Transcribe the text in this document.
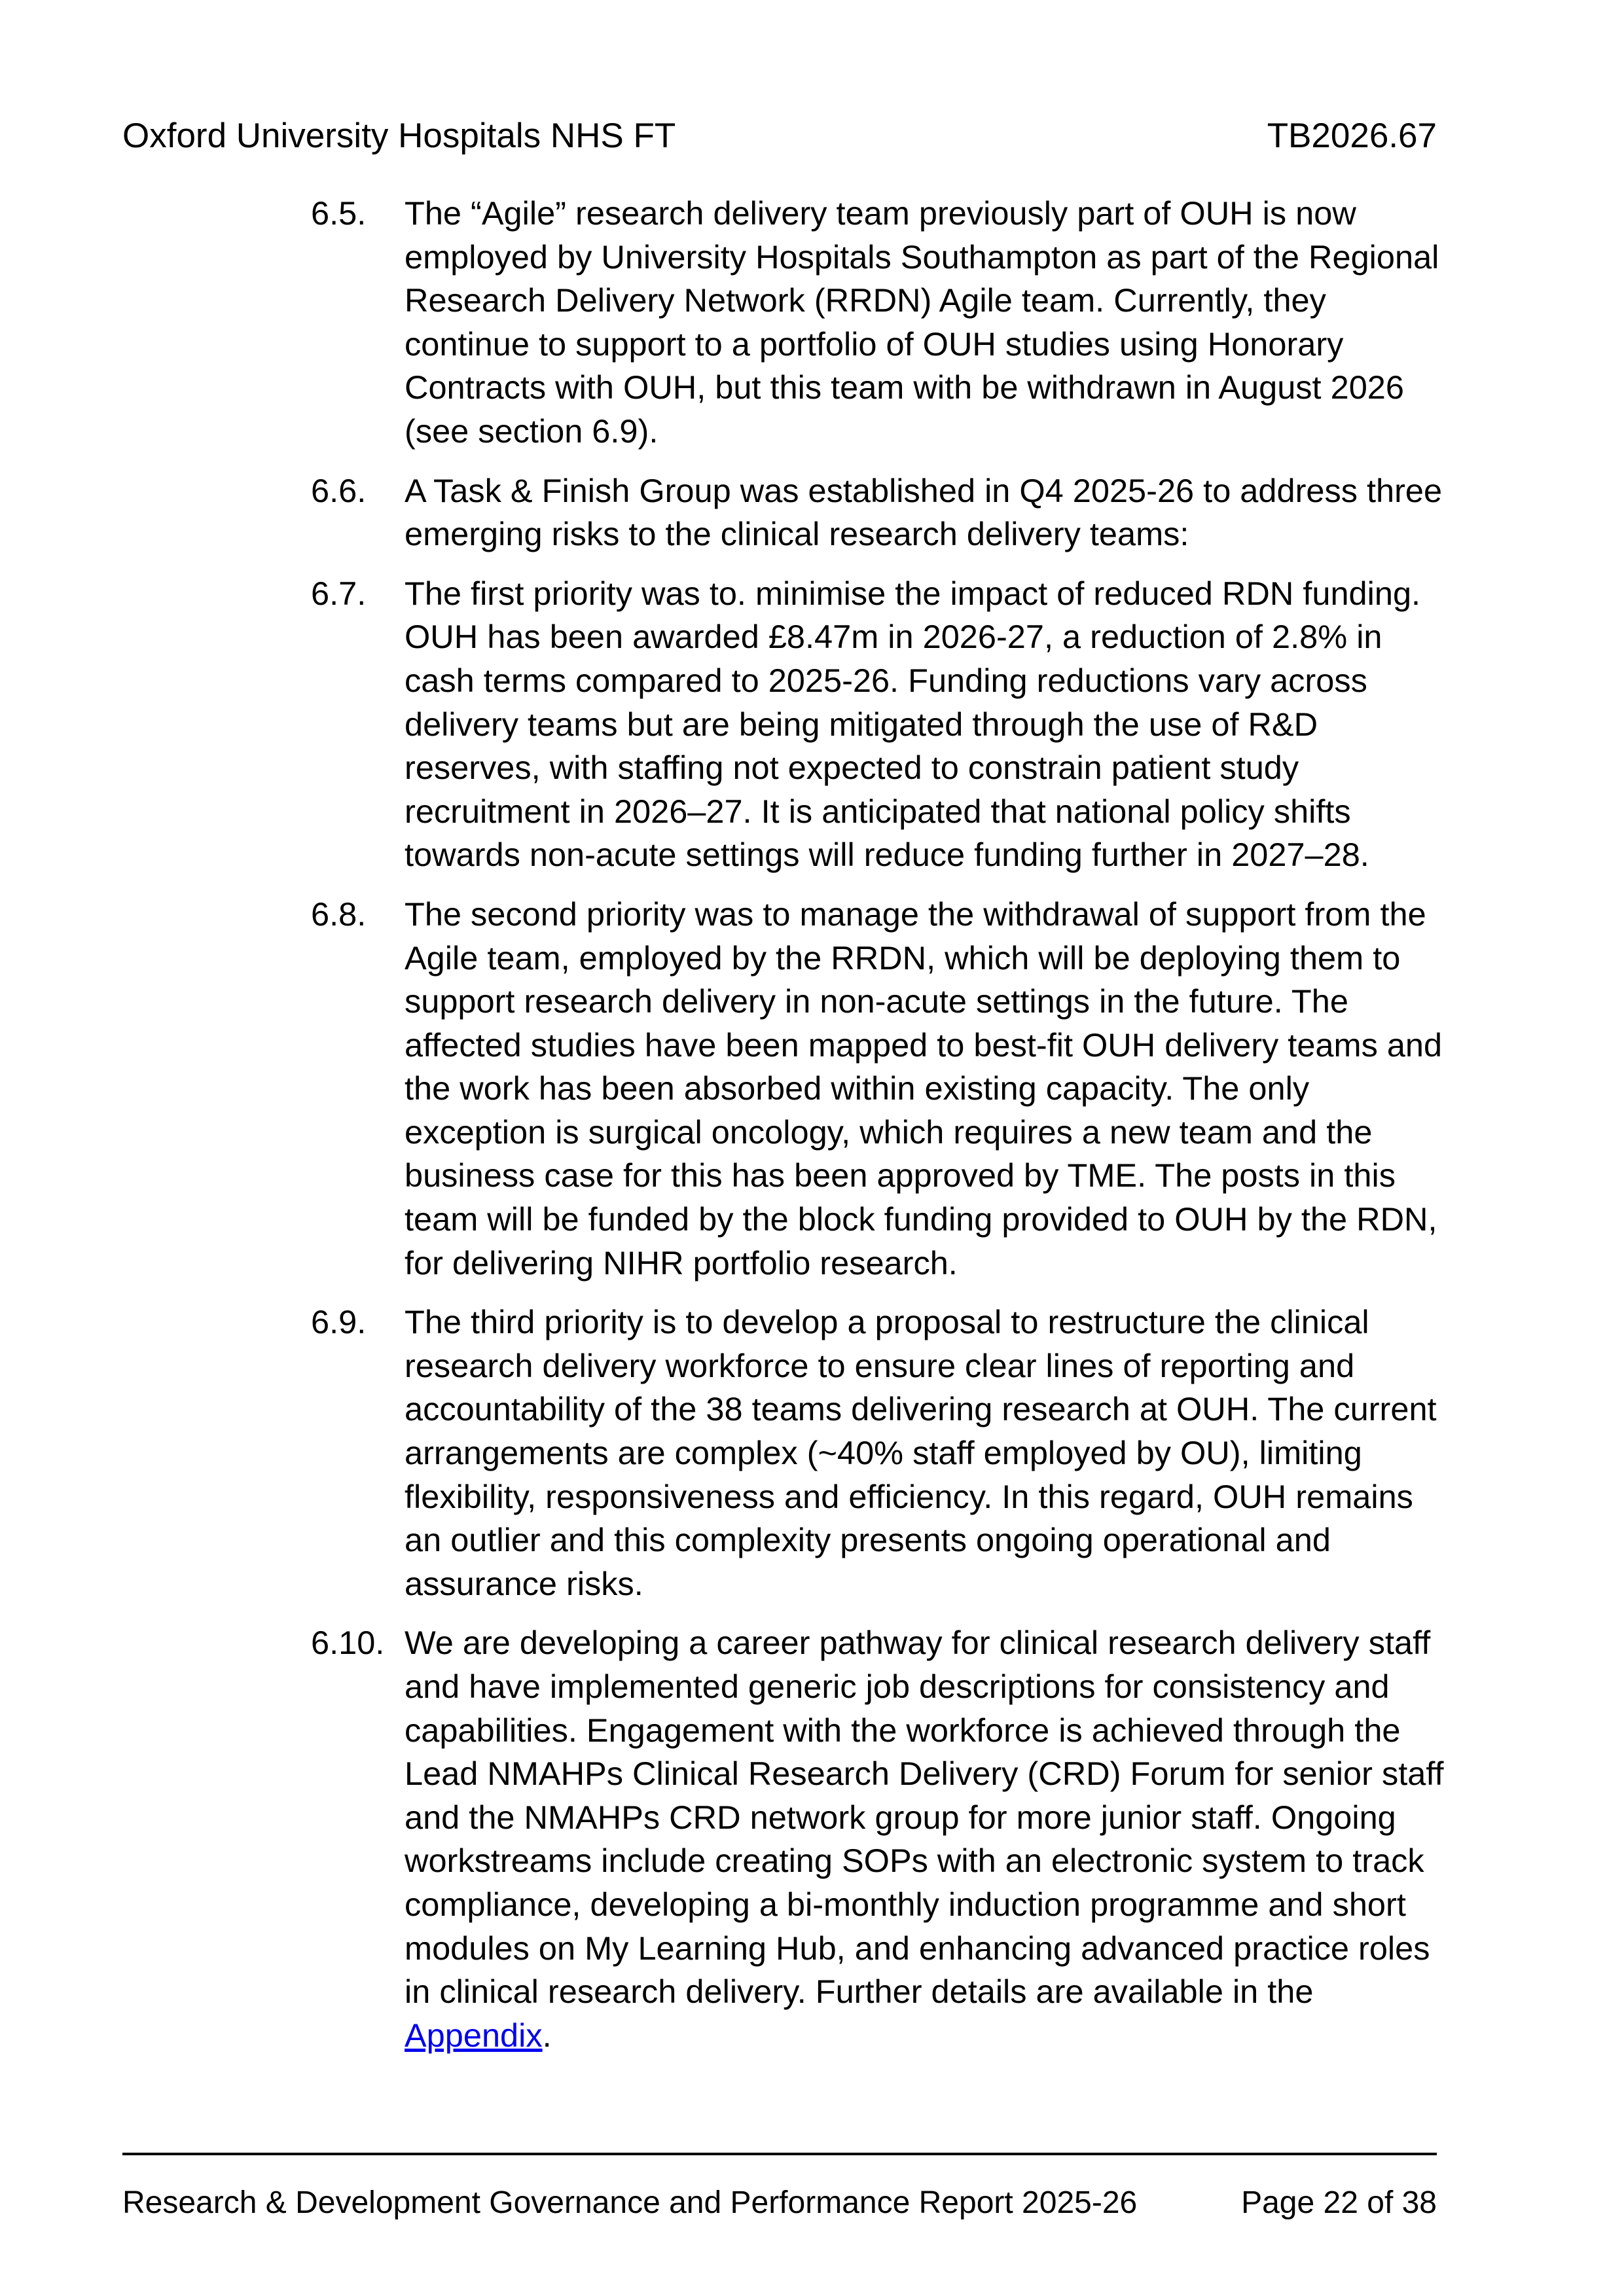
Oxford University Hospitals NHS FT	TB2026.67
6.5.	The “Agile” research delivery team previously part of OUH is now employed by University Hospitals Southampton as part of the Regional Research Delivery Network (RRDN) Agile team. Currently, they continue to support to a portfolio of OUH studies using Honorary Contracts with OUH, but this team with be withdrawn in August 2026 (see section 6.9).
6.6.	A Task & Finish Group was established in Q4 2025-26 to address three emerging risks to the clinical research delivery teams:
6.7.	The first priority was to. minimise the impact of reduced RDN funding. OUH has been awarded £8.47m in 2026-27, a reduction of 2.8% in cash terms compared to 2025-26. Funding reductions vary across delivery teams but are being mitigated through the use of R&D reserves, with staffing not expected to constrain patient study recruitment in 2026–27. It is anticipated that national policy shifts towards non-acute settings will reduce funding further in 2027–28.
6.8.	The second priority was to manage the withdrawal of support from the Agile team, employed by the RRDN, which will be deploying them to support research delivery in non-acute settings in the future. The affected studies have been mapped to best-fit OUH delivery teams and the work has been absorbed within existing capacity. The only exception is surgical oncology, which requires a new team and the business case for this has been approved by TME. The posts in this team will be funded by the block funding provided to OUH by the RDN, for delivering NIHR portfolio research.
6.9.	The third priority is to develop a proposal to restructure the clinical research delivery workforce to ensure clear lines of reporting and accountability of the 38 teams delivering research at OUH. The current arrangements are complex (~40% staff employed by OU), limiting flexibility, responsiveness and efficiency. In this regard, OUH remains an outlier and this complexity presents ongoing operational and assurance risks.
6.10. We are developing a career pathway for clinical research delivery staff and have implemented generic job descriptions for consistency and capabilities. Engagement with the workforce is achieved through the Lead NMAHPs Clinical Research Delivery (CRD) Forum for senior staff and the NMAHPs CRD network group for more junior staff. Ongoing workstreams include creating SOPs with an electronic system to track compliance, developing a bi-monthly induction programme and short modules on My Learning Hub, and enhancing advanced practice roles in clinical research delivery. Further details are available in the Appendix.
Research & Development Governance and Performance Report 2025-26	Page 22 of 38
